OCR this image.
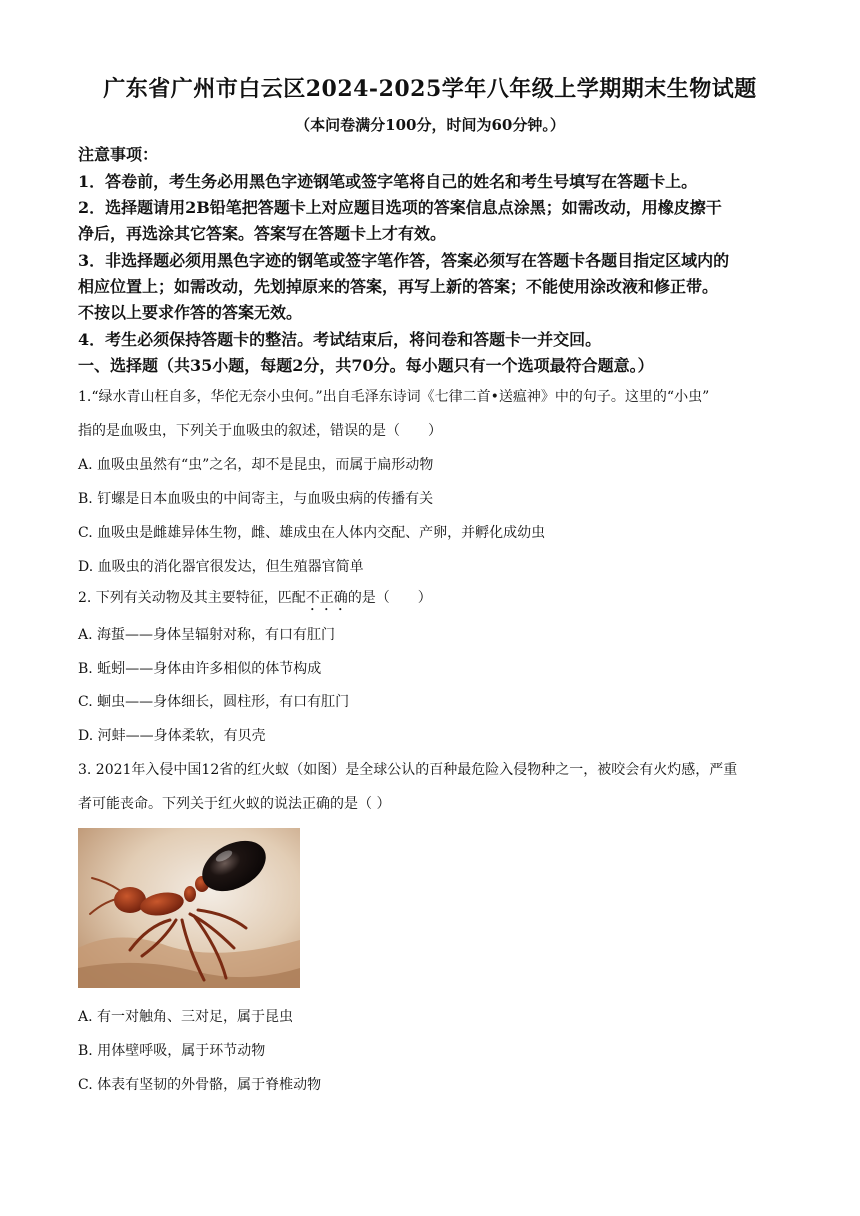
广东省广州市白云区2024-2025学年八年级上学期期末生物试题
（本问卷满分100分，时间为60分钟。）
注意事项：
1．答卷前，考生务必用黑色字迹钢笔或签字笔将自己的姓名和考生号填写在答题卡上。
2．选择题请用2B铅笔把答题卡上对应题目选项的答案信息点涂黑；如需改动，用橡皮擦干
净后，再选涂其它答案。答案写在答题卡上才有效。
3．非选择题必须用黑色字迹的钢笔或签字笔作答，答案必须写在答题卡各题目指定区域内的
相应位置上；如需改动，先划掉原来的答案，再写上新的答案；不能使用涂改液和修正带。
不按以上要求作答的答案无效。
4．考生必须保持答题卡的整洁。考试结束后，将问卷和答题卡一并交回。
一、选择题（共35小题，每题2分，共70分。每小题只有一个选项最符合题意。）
1.“绿水青山枉自多，华佗无奈小虫何。”出自毛泽东诗词《七律二首•送瘟神》中的句子。这里的“小虫”
指的是血吸虫，下列关于血吸虫的叙述，错误的是（　　）
A. 血吸虫虽然有“虫”之名，却不是昆虫，而属于扁形动物
B. 钉螺是日本血吸虫的中间寄主，与血吸虫病的传播有关
C. 血吸虫是雌雄异体生物，雌、雄成虫在人体内交配、产卵，并孵化成幼虫
D. 血吸虫的消化器官很发达，但生殖器官简单
2. 下列有关动物及其主要特征，匹配不正确的是（　　）
A. 海蜇——身体呈辐射对称，有口有肛门
B. 蚯蚓——身体由许多相似的体节构成
C. 蛔虫——身体细长，圆柱形，有口有肛门
D. 河蚌——身体柔软，有贝壳
3. 2021年入侵中国12省的红火蚁（如图）是全球公认的百种最危险入侵物种之一，被咬会有火灼感，严重
者可能丧命。下列关于红火蚁的说法正确的是（ ）
A. 有一对触角、三对足，属于昆虫
B. 用体壁呼吸，属于环节动物
C. 体表有坚韧的外骨骼，属于脊椎动物
